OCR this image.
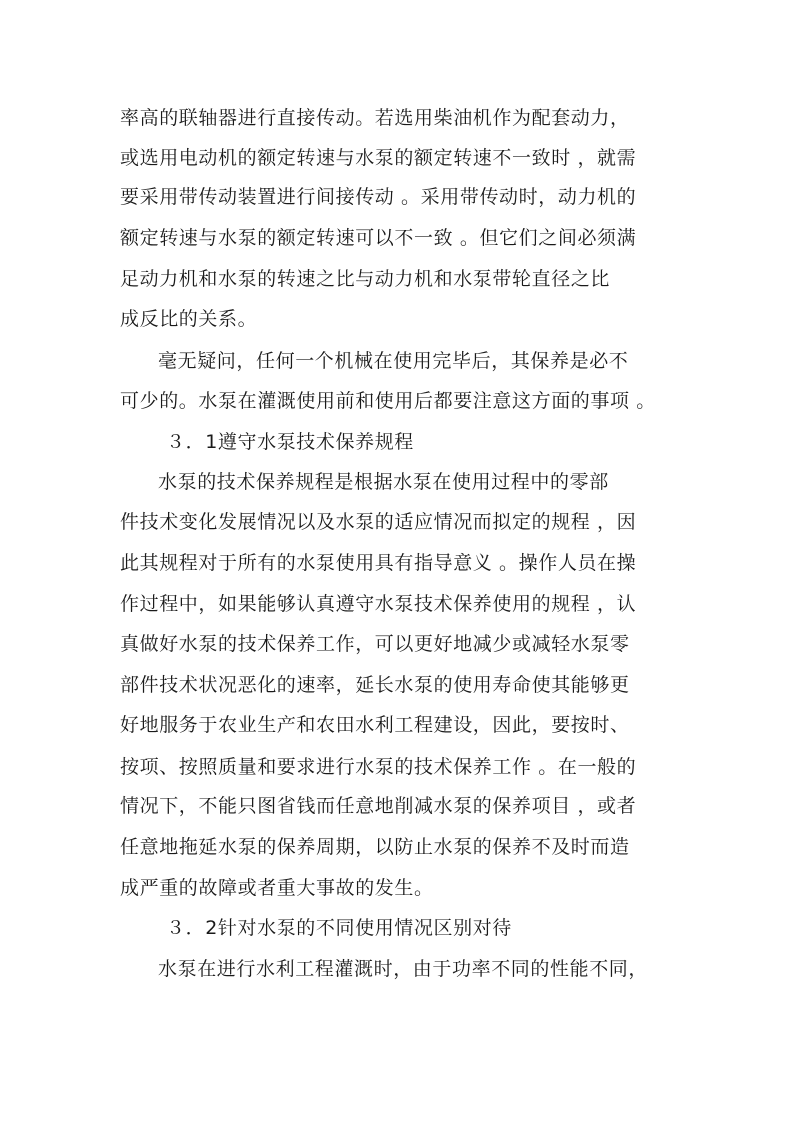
率高的联轴器进行直接传动。若选用柴油机作为配套动力，
或选用电动机的额定转速与水泵的额定转速不一致时 ，就需
要采用带传动装置进行间接传动 。采用带传动时，动力机的
额定转速与水泵的额定转速可以不一致 。但它们之间必须满
足动力机和水泵的转速之比与动力机和水泵带轮直径之比
成反比的关系。
毫无疑问，任何一个机械在使用完毕后，其保养是必不
可少的。水泵在灌溉使用前和使用后都要注意这方面的事项 。
３．1遵守水泵技术保养规程
水泵的技术保养规程是根据水泵在使用过程中的零部
件技术变化发展情况以及水泵的适应情况而拟定的规程 ，因
此其规程对于所有的水泵使用具有指导意义 。操作人员在操
作过程中，如果能够认真遵守水泵技术保养使用的规程 ，认
真做好水泵的技术保养工作，可以更好地减少或减轻水泵零
部件技术状况恶化的速率，延长水泵的使用寿命使其能够更
好地服务于农业生产和农田水利工程建设，因此，要按时、
按项、按照质量和要求进行水泵的技术保养工作 。在一般的
情况下，不能只图省钱而任意地削减水泵的保养项目 ，或者
任意地拖延水泵的保养周期，以防止水泵的保养不及时而造
成严重的故障或者重大事故的发生。
３．2针对水泵的不同使用情况区别对待
水泵在进行水利工程灌溉时，由于功率不同的性能不同，
